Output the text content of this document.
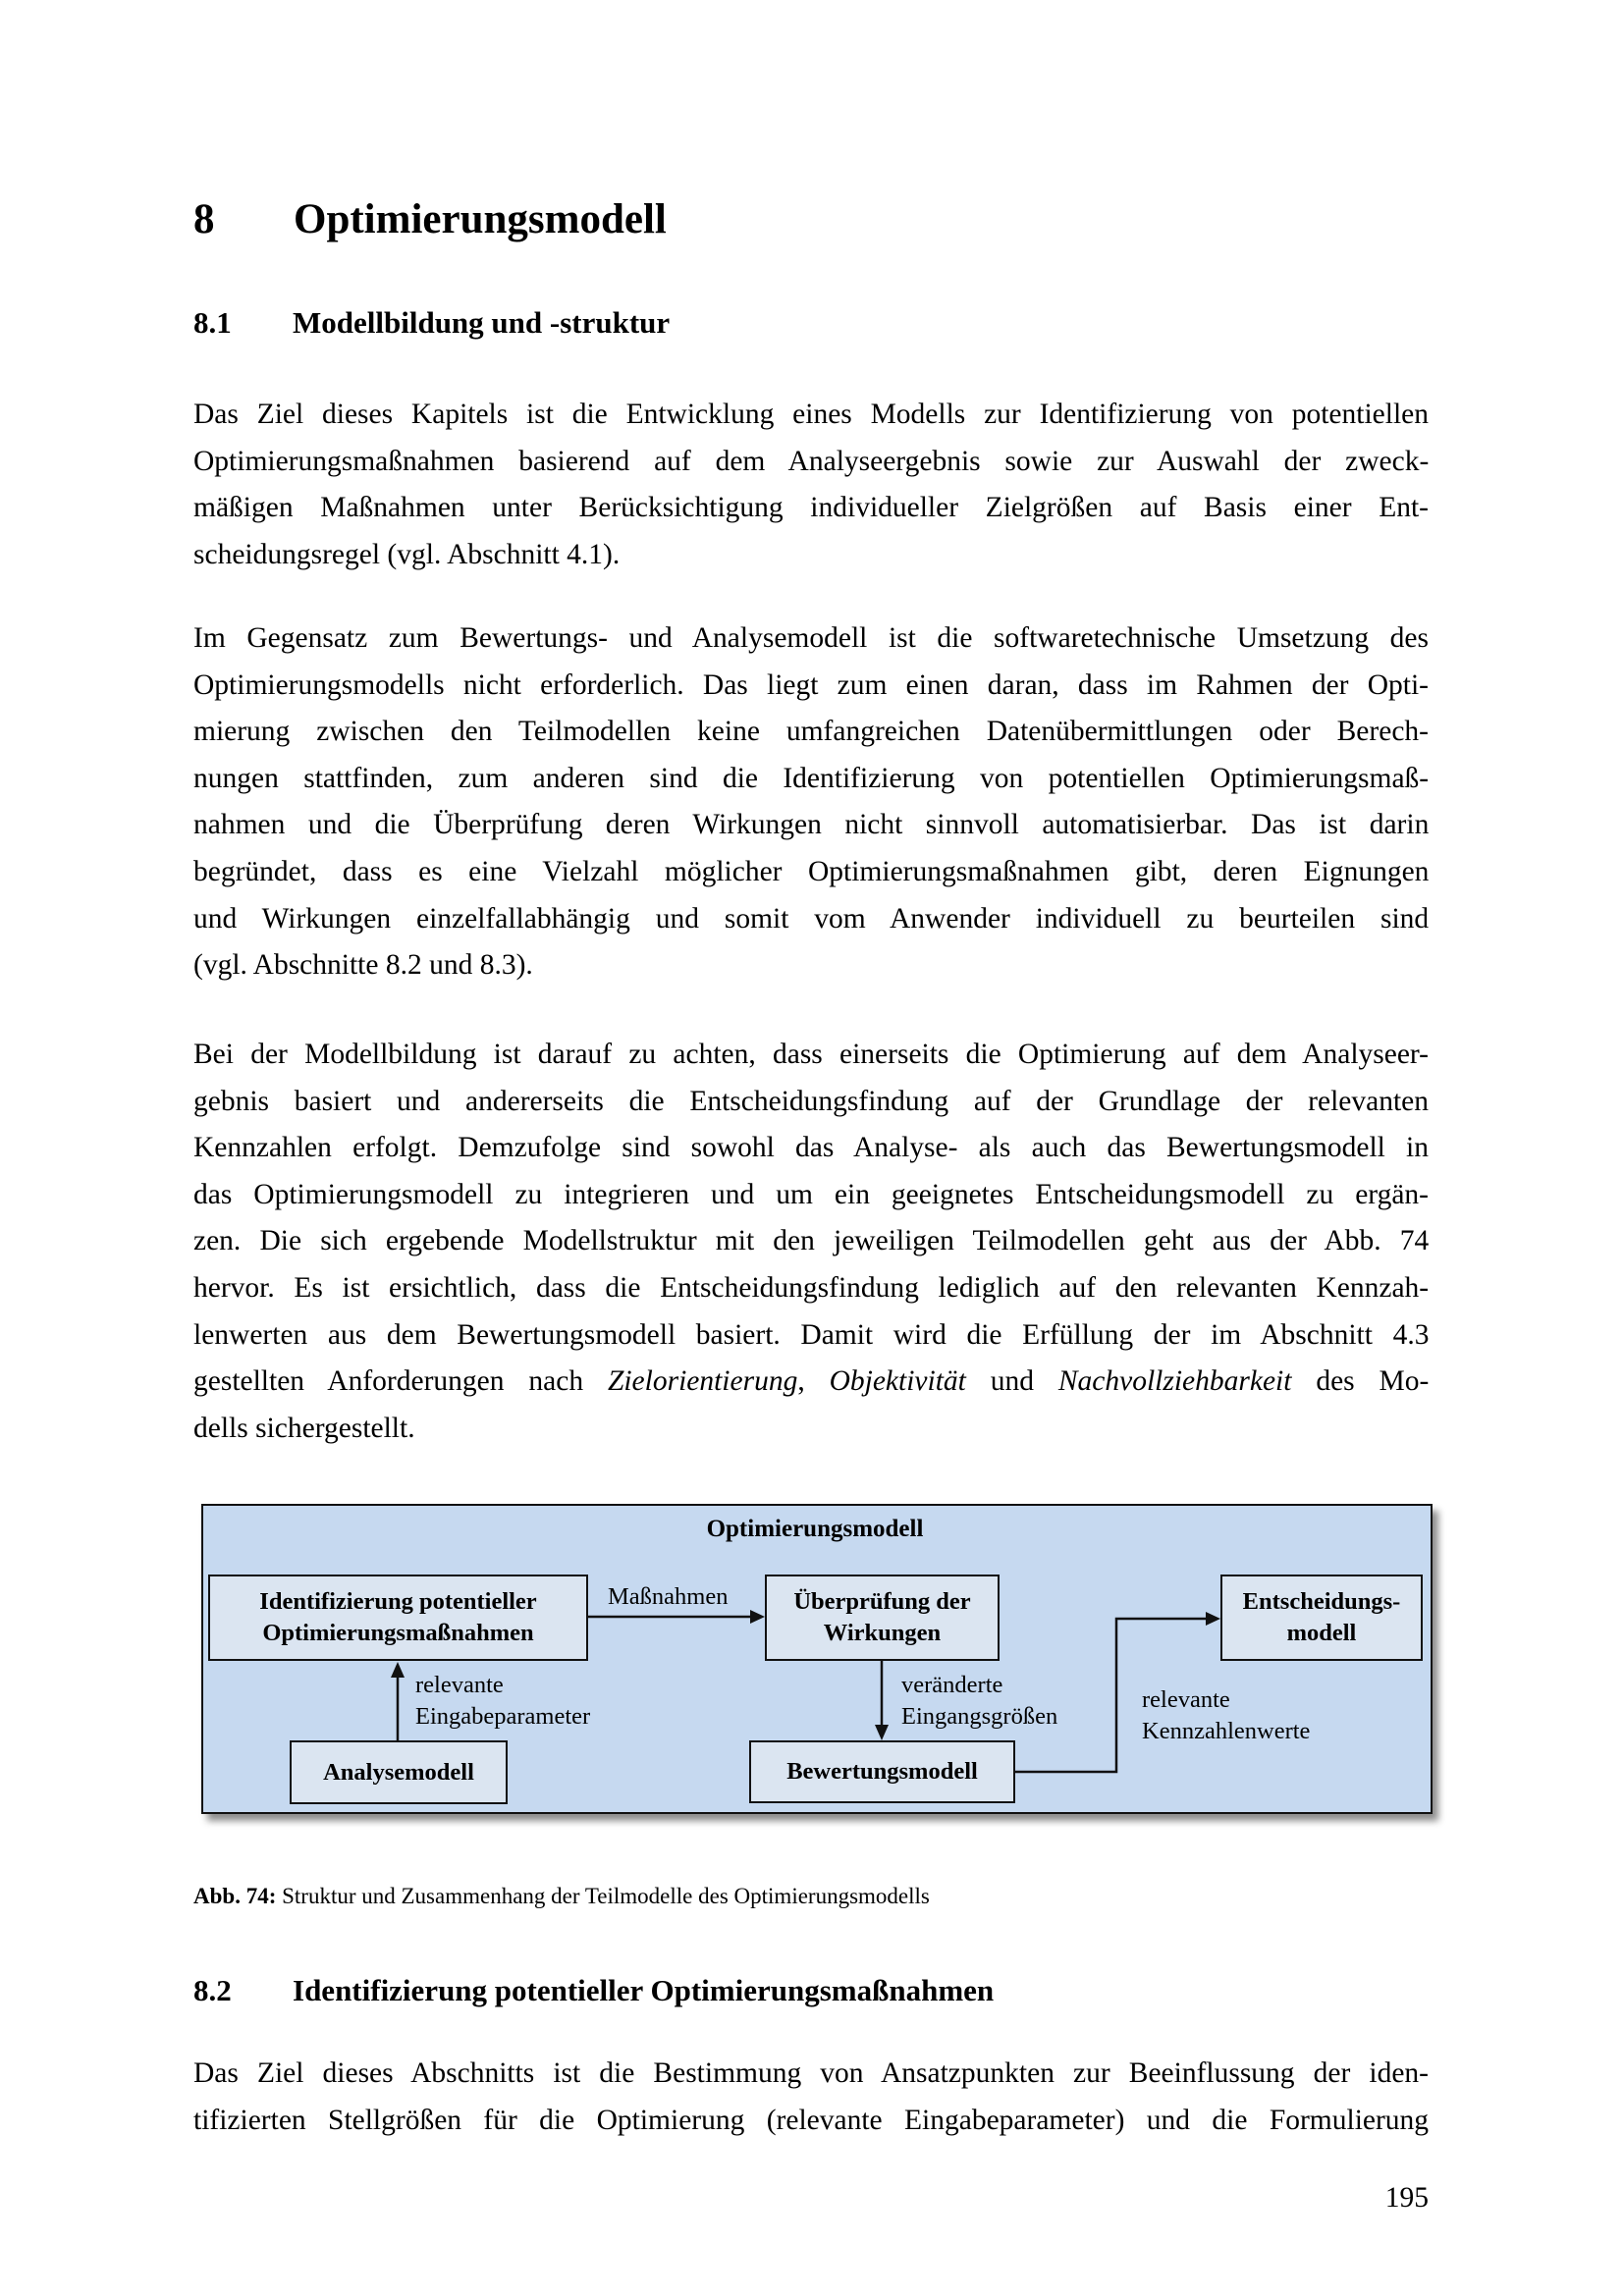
8 Optimierungsmodell
8.1 Modellbildung und -struktur
Das Ziel dieses Kapitels ist die Entwicklung eines Modells zur Identifizierung von potentiellen
Optimierungsmaßnahmen basierend auf dem Analyseergebnis sowie zur Auswahl der zweck-
mäßigen Maßnahmen unter Berücksichtigung individueller Zielgrößen auf Basis einer Ent-
scheidungsregel (vgl. Abschnitt 4.1).
Im Gegensatz zum Bewertungs- und Analysemodell ist die softwaretechnische Umsetzung des
Optimierungsmodells nicht erforderlich. Das liegt zum einen daran, dass im Rahmen der Opti-
mierung zwischen den Teilmodellen keine umfangreichen Datenübermittlungen oder Berech-
nungen stattfinden, zum anderen sind die Identifizierung von potentiellen Optimierungsmaß-
nahmen und die Überprüfung deren Wirkungen nicht sinnvoll automatisierbar. Das ist darin
begründet, dass es eine Vielzahl möglicher Optimierungsmaßnahmen gibt, deren Eignungen
und Wirkungen einzelfallabhängig und somit vom Anwender individuell zu beurteilen sind
(vgl. Abschnitte 8.2 und 8.3).
Bei der Modellbildung ist darauf zu achten, dass einerseits die Optimierung auf dem Analyseer-
gebnis basiert und andererseits die Entscheidungsfindung auf der Grundlage der relevanten
Kennzahlen erfolgt. Demzufolge sind sowohl das Analyse- als auch das Bewertungsmodell in
das Optimierungsmodell zu integrieren und um ein geeignetes Entscheidungsmodell zu ergän-
zen. Die sich ergebende Modellstruktur mit den jeweiligen Teilmodellen geht aus der Abb. 74
hervor. Es ist ersichtlich, dass die Entscheidungsfindung lediglich auf den relevanten Kennzah-
lenwerten aus dem Bewertungsmodell basiert. Damit wird die Erfüllung der im Abschnitt 4.3
gestellten Anforderungen nach Zielorientierung, Objektivität und Nachvollziehbarkeit des Mo-
dells sichergestellt.
Optimierungsmodell
Identifizierung potentieller
Optimierungsmaßnahmen
Überprüfung der
Wirkungen
Entscheidungs-
modell
Analysemodell	Bewertungsmodell
Maßnahmen
relevante
Eingabeparameter
veränderte
Eingangsgrößen
relevante
Kennzahlenwerte
Abb. 74: Struktur und Zusammenhang der Teilmodelle des Optimierungsmodells
8.2 Identifizierung potentieller Optimierungsmaßnahmen
Das Ziel dieses Abschnitts ist die Bestimmung von Ansatzpunkten zur Beeinflussung der iden-
tifizierten Stellgrößen für die Optimierung (relevante Eingabeparameter) und die Formulierung
195
